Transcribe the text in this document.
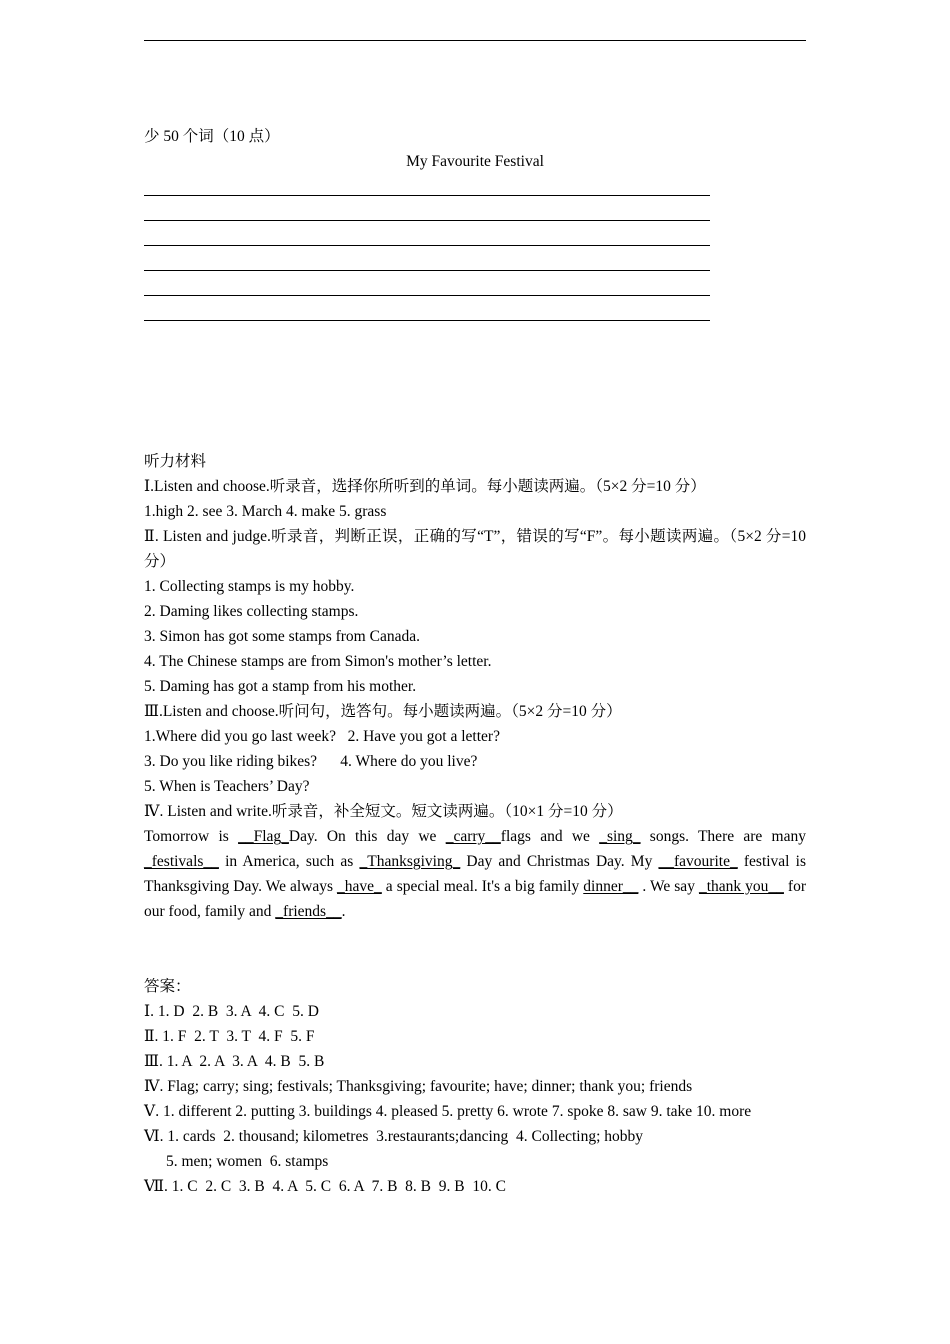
少 50 个词（10 点）
My Favourite Festival
听力材料
Ⅰ.Listen and choose.听录音，选择你所听到的单词。每小题读两遍。（5×2 分=10 分）
1.high 2. see 3. March 4. make 5. grass
Ⅱ. Listen and judge.听录音，判断正误，正确的写“T”，错误的写“F”。每小题读两遍。（5×2 分=10 分）
1. Collecting stamps is my hobby.
2. Daming likes collecting stamps.
3. Simon has got some stamps from Canada.
4. The Chinese stamps are from Simon's mother’s letter.
5. Daming has got a stamp from his mother.
Ⅲ.Listen and choose.听问句，选答句。每小题读两遍。（5×2 分=10 分）
1.Where did you go last week?   2. Have you got a letter?
3. Do you like riding bikes?      4. Where do you live?
5. When is Teachers’ Day?
Ⅳ. Listen and write.听录音，补全短文。短文读两遍。（10×1 分=10 分）
Tomorrow is __Flag_Day. On this day we _carry__flags and we _sing_ songs. There are many _festivals__ in America, such as _Thanksgiving_ Day and Christmas Day. My __favourite_ festival is Thanksgiving Day. We always _have_ a special meal. It's a big family dinner__ . We say _thank you__ for our food, family and _friends__.
答案：
Ⅰ. 1. D  2. B  3. A  4. C  5. D
Ⅱ. 1. F  2. T  3. T  4. F  5. F
Ⅲ. 1. A  2. A  3. A  4. B  5. B
Ⅳ. Flag; carry; sing; festivals; Thanksgiving; favourite; have; dinner; thank you; friends
Ⅴ. 1. different 2. putting 3. buildings 4. pleased 5. pretty 6. wrote 7. spoke 8. saw 9. take 10. more
Ⅵ. 1. cards  2. thousand; kilometres  3.restaurants;dancing  4. Collecting; hobby
5. men; women  6. stamps
Ⅶ. 1. C  2. C  3. B  4. A  5. C  6. A  7. B  8. B  9. B  10. C
